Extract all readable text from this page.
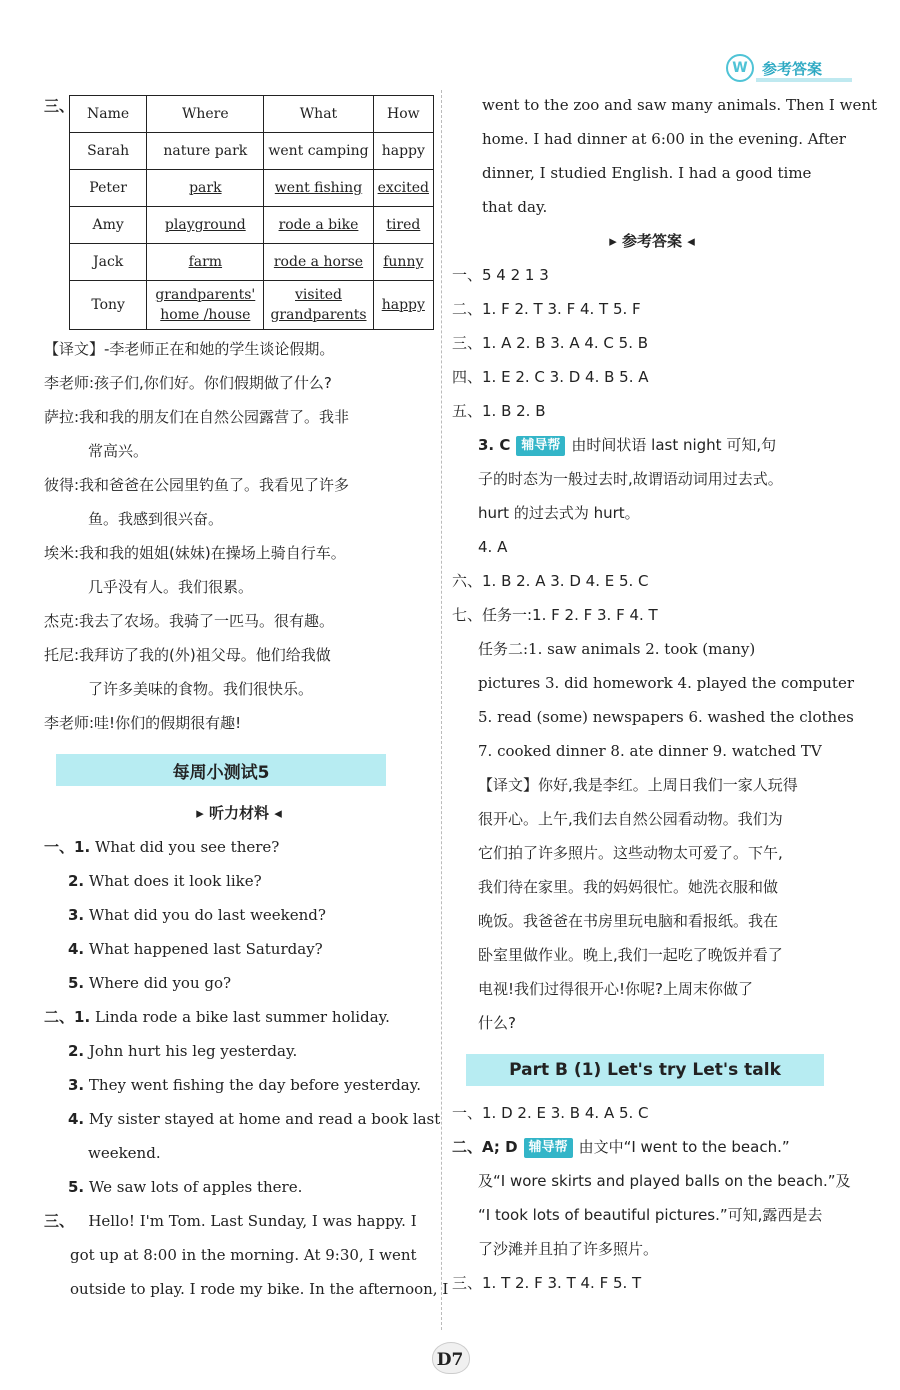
W 参考答案
三、 Name	Where	What	How
Sarah	nature park	went camping	happy
Peter	park	went fishing	excited
Amy	playground	rode a bike	tired
Jack	farm	rode a horse	funny
Tony	grandparents' home /house	visited grandparents	happy
【译文】-李老师正在和她的学生谈论假期。
李老师:孩子们,你们好。你们假期做了什么?
萨拉:我和我的朋友们在自然公园露营了。我非
常高兴。
彼得:我和爸爸在公园里钓鱼了。我看见了许多
鱼。我感到很兴奋。
埃米:我和我的姐姐(妹妹)在操场上骑自行车。
几乎没有人。我们很累。
杰克:我去了农场。我骑了一匹马。很有趣。
托尼:我拜访了我的(外)祖父母。他们给我做
了许多美味的食物。我们很快乐。
李老师:哇!你们的假期很有趣!
每周小测试5
▸ 听力材料 ◂
一、1. What did you see there?
2. What does it look like?
3. What did you do last weekend?
4. What happened last Saturday?
5. Where did you go?
二、1. Linda rode a bike last summer holiday.
2. John hurt his leg yesterday.
3. They went fishing the day before yesterday.
4. My sister stayed at home and read a book last
weekend.
5. We saw lots of apples there.
三、 Hello! I'm Tom. Last Sunday, I was happy. I
got up at 8:00 in the morning. At 9:30, I went
outside to play. I rode my bike. In the afternoon, I
went to the zoo and saw many animals. Then I went
home. I had dinner at 6:00 in the evening. After
dinner, I studied English. I had a good time
that day.
▸ 参考答案 ◂
一、5 4 2 1 3
二、1. F 2. T 3. F 4. T 5. F
三、1. A 2. B 3. A 4. C 5. B
四、1. E 2. C 3. D 4. B 5. A
五、1. B 2. B
3. C 辅导帮 由时间状语 last night 可知,句
子的时态为一般过去时,故谓语动词用过去式。
hurt 的过去式为 hurt。
4. A
六、1. B 2. A 3. D 4. E 5. C
七、任务一:1. F 2. F 3. F 4. T
任务二:1. saw animals 2. took (many)
pictures 3. did homework 4. played the computer
5. read (some) newspapers 6. washed the clothes
7. cooked dinner 8. ate dinner 9. watched TV
【译文】你好,我是李红。上周日我们一家人玩得
很开心。上午,我们去自然公园看动物。我们为
它们拍了许多照片。这些动物太可爱了。下午,
我们待在家里。我的妈妈很忙。她洗衣服和做
晚饭。我爸爸在书房里玩电脑和看报纸。我在
卧室里做作业。晚上,我们一起吃了晚饭并看了
电视!我们过得很开心!你呢?上周末你做了
什么?
Part B (1) Let's try Let's talk
一、1. D 2. E 3. B 4. A 5. C
二、A; D 辅导帮 由文中“I went to the beach.”
及“I wore skirts and played balls on the beach.”及
“I took lots of beautiful pictures.”可知,露西是去
了沙滩并且拍了许多照片。
三、1. T 2. F 3. T 4. F 5. T
D7
